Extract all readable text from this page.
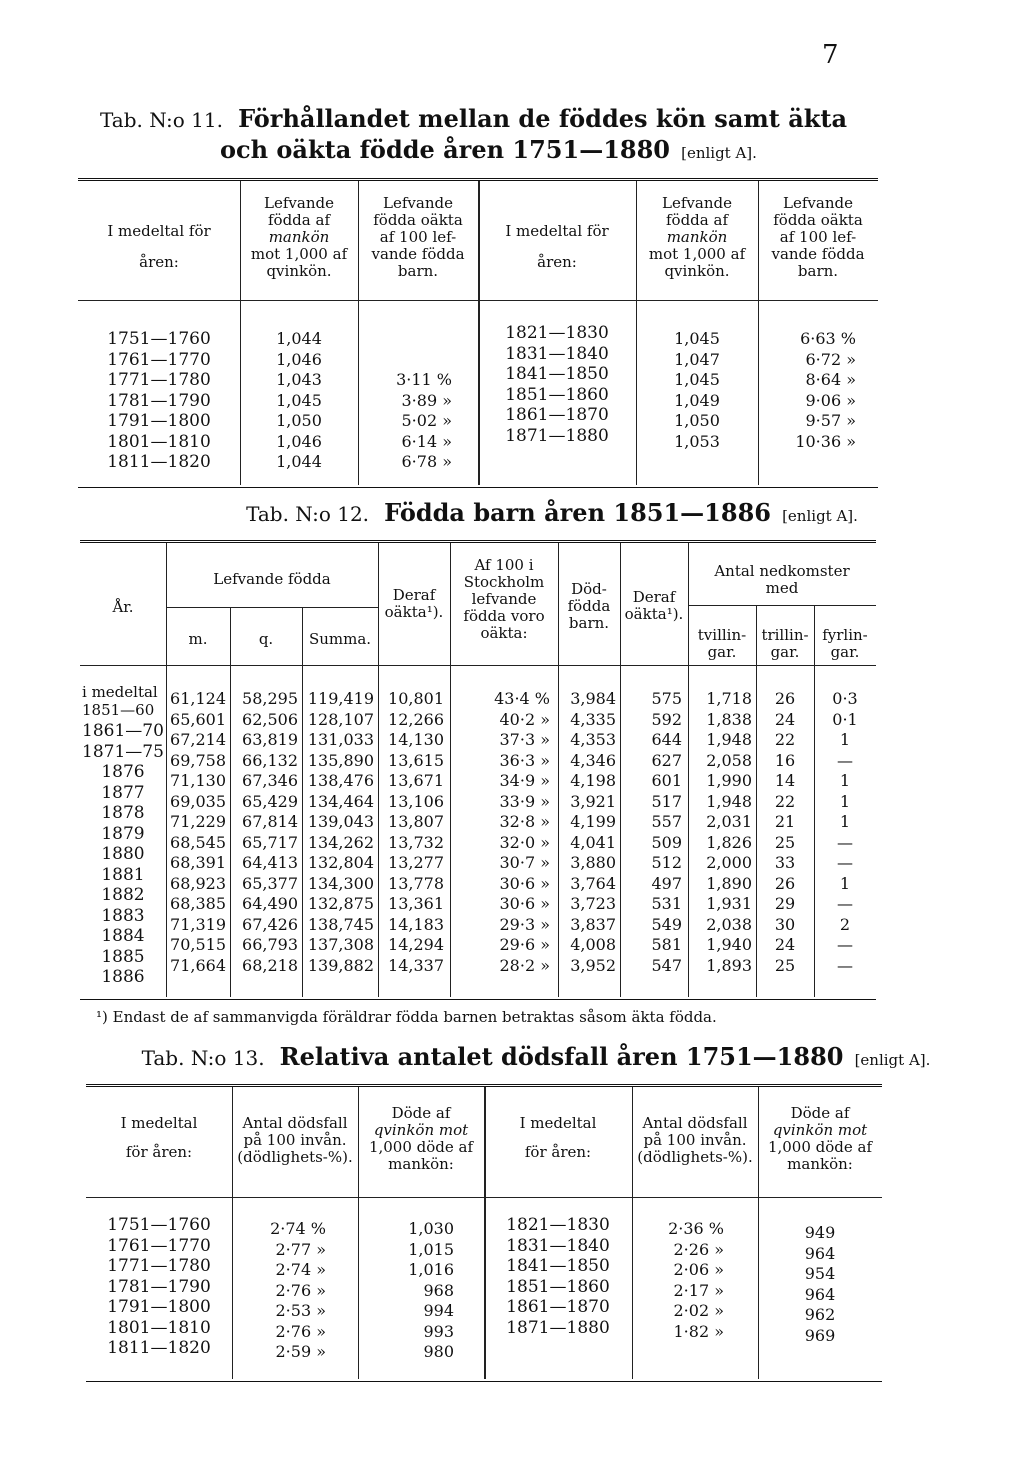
7
Tab. N:o 11. Förhållandet mellan de föddes kön samt äkta
och oäkta födde åren 1751—1880 [enligt A].
I medeltal för
åren:
Lefvande
födda af
mankön
mot 1,000 af
qvinkön.
Lefvande
födda oäkta
af 100 lef-
vande födda
barn.
I medeltal för
åren:
Lefvande
födda af
mankön
mot 1,000 af
qvinkön.
Lefvande
födda oäkta
af 100 lef-
vande födda
barn.
1751—1760
1761—1770
1771—1780
1781—1790
1791—1800
1801—1810
1811—1820
1,044
1,046
1,043
1,045
1,050
1,046
1,044

3·11 %
3·89 »
5·02 »
6·14 »
6·78 »
1821—1830
1831—1840
1841—1850
1851—1860
1861—1870
1871—1880
1,045
1,047
1,045
1,049
1,050
1,053
6·63 %
6·72 »
8·64 »
9·06 »
9·57 »
10·36 »
Tab. N:o 12. Födda barn åren 1851—1886 [enligt A].
År.
Lefvande födda
m.	q.	Summa.
Deraf
oäkta¹).
Af 100 i
Stockholm
lefvande
födda voro
oäkta:
Död-
födda
barn.
Deraf
oäkta¹).
Antal nedkomster
med
tvillin-
gar.
trillin-
gar.
fyrlin-
gar.
i medeltal
1851—60
1861—70
1871—75
1876
1877
1878
1879
1880
1881
1882
1883
1884
1885
1886
61,124
65,601
67,214
69,758
71,130
69,035
71,229
68,545
68,391
68,923
68,385
71,319
70,515
71,664
58,295
62,506
63,819
66,132
67,346
65,429
67,814
65,717
64,413
65,377
64,490
67,426
66,793
68,218
119,419
128,107
131,033
135,890
138,476
134,464
139,043
134,262
132,804
134,300
132,875
138,745
137,308
139,882
10,801
12,266
14,130
13,615
13,671
13,106
13,807
13,732
13,277
13,778
13,361
14,183
14,294
14,337
43·4 %
40·2 »
37·3 »
36·3 »
34·9 »
33·9 »
32·8 »
32·0 »
30·7 »
30·6 »
30·6 »
29·3 »
29·6 »
28·2 »
3,984
4,335
4,353
4,346
4,198
3,921
4,199
4,041
3,880
3,764
3,723
3,837
4,008
3,952
575
592
644
627
601
517
557
509
512
497
531
549
581
547
1,718
1,838
1,948
2,058
1,990
1,948
2,031
1,826
2,000
1,890
1,931
2,038
1,940
1,893
26
24
22
16
14
22
21
25
33
26
29
30
24
25
0·3
0·1
1
—
1
1
1
—
—
1
—
2
—
—
¹) Endast de af sammanvigda föräldrar födda barnen betraktas såsom äkta födda.
Tab. N:o 13. Relativa antalet dödsfall åren 1751—1880 [enligt A].
I medeltal
för åren:
Antal dödsfall
på 100 invån.
(dödlighets-%).
Döde af
qvinkön mot
1,000 döde af
mankön:
I medeltal
för åren:
Antal dödsfall
på 100 invån.
(dödlighets-%).
Döde af
qvinkön mot
1,000 döde af
mankön:
1751—1760
1761—1770
1771—1780
1781—1790
1791—1800
1801—1810
1811—1820
2·74 %
2·77 »
2·74 »
2·76 »
2·53 »
2·76 »
2·59 »
1,030
1,015
1,016
968
994
993
980
1821—1830
1831—1840
1841—1850
1851—1860
1861—1870
1871—1880
2·36 %
2·26 »
2·06 »
2·17 »
2·02 »
1·82 »
949
964
954
964
962
969
